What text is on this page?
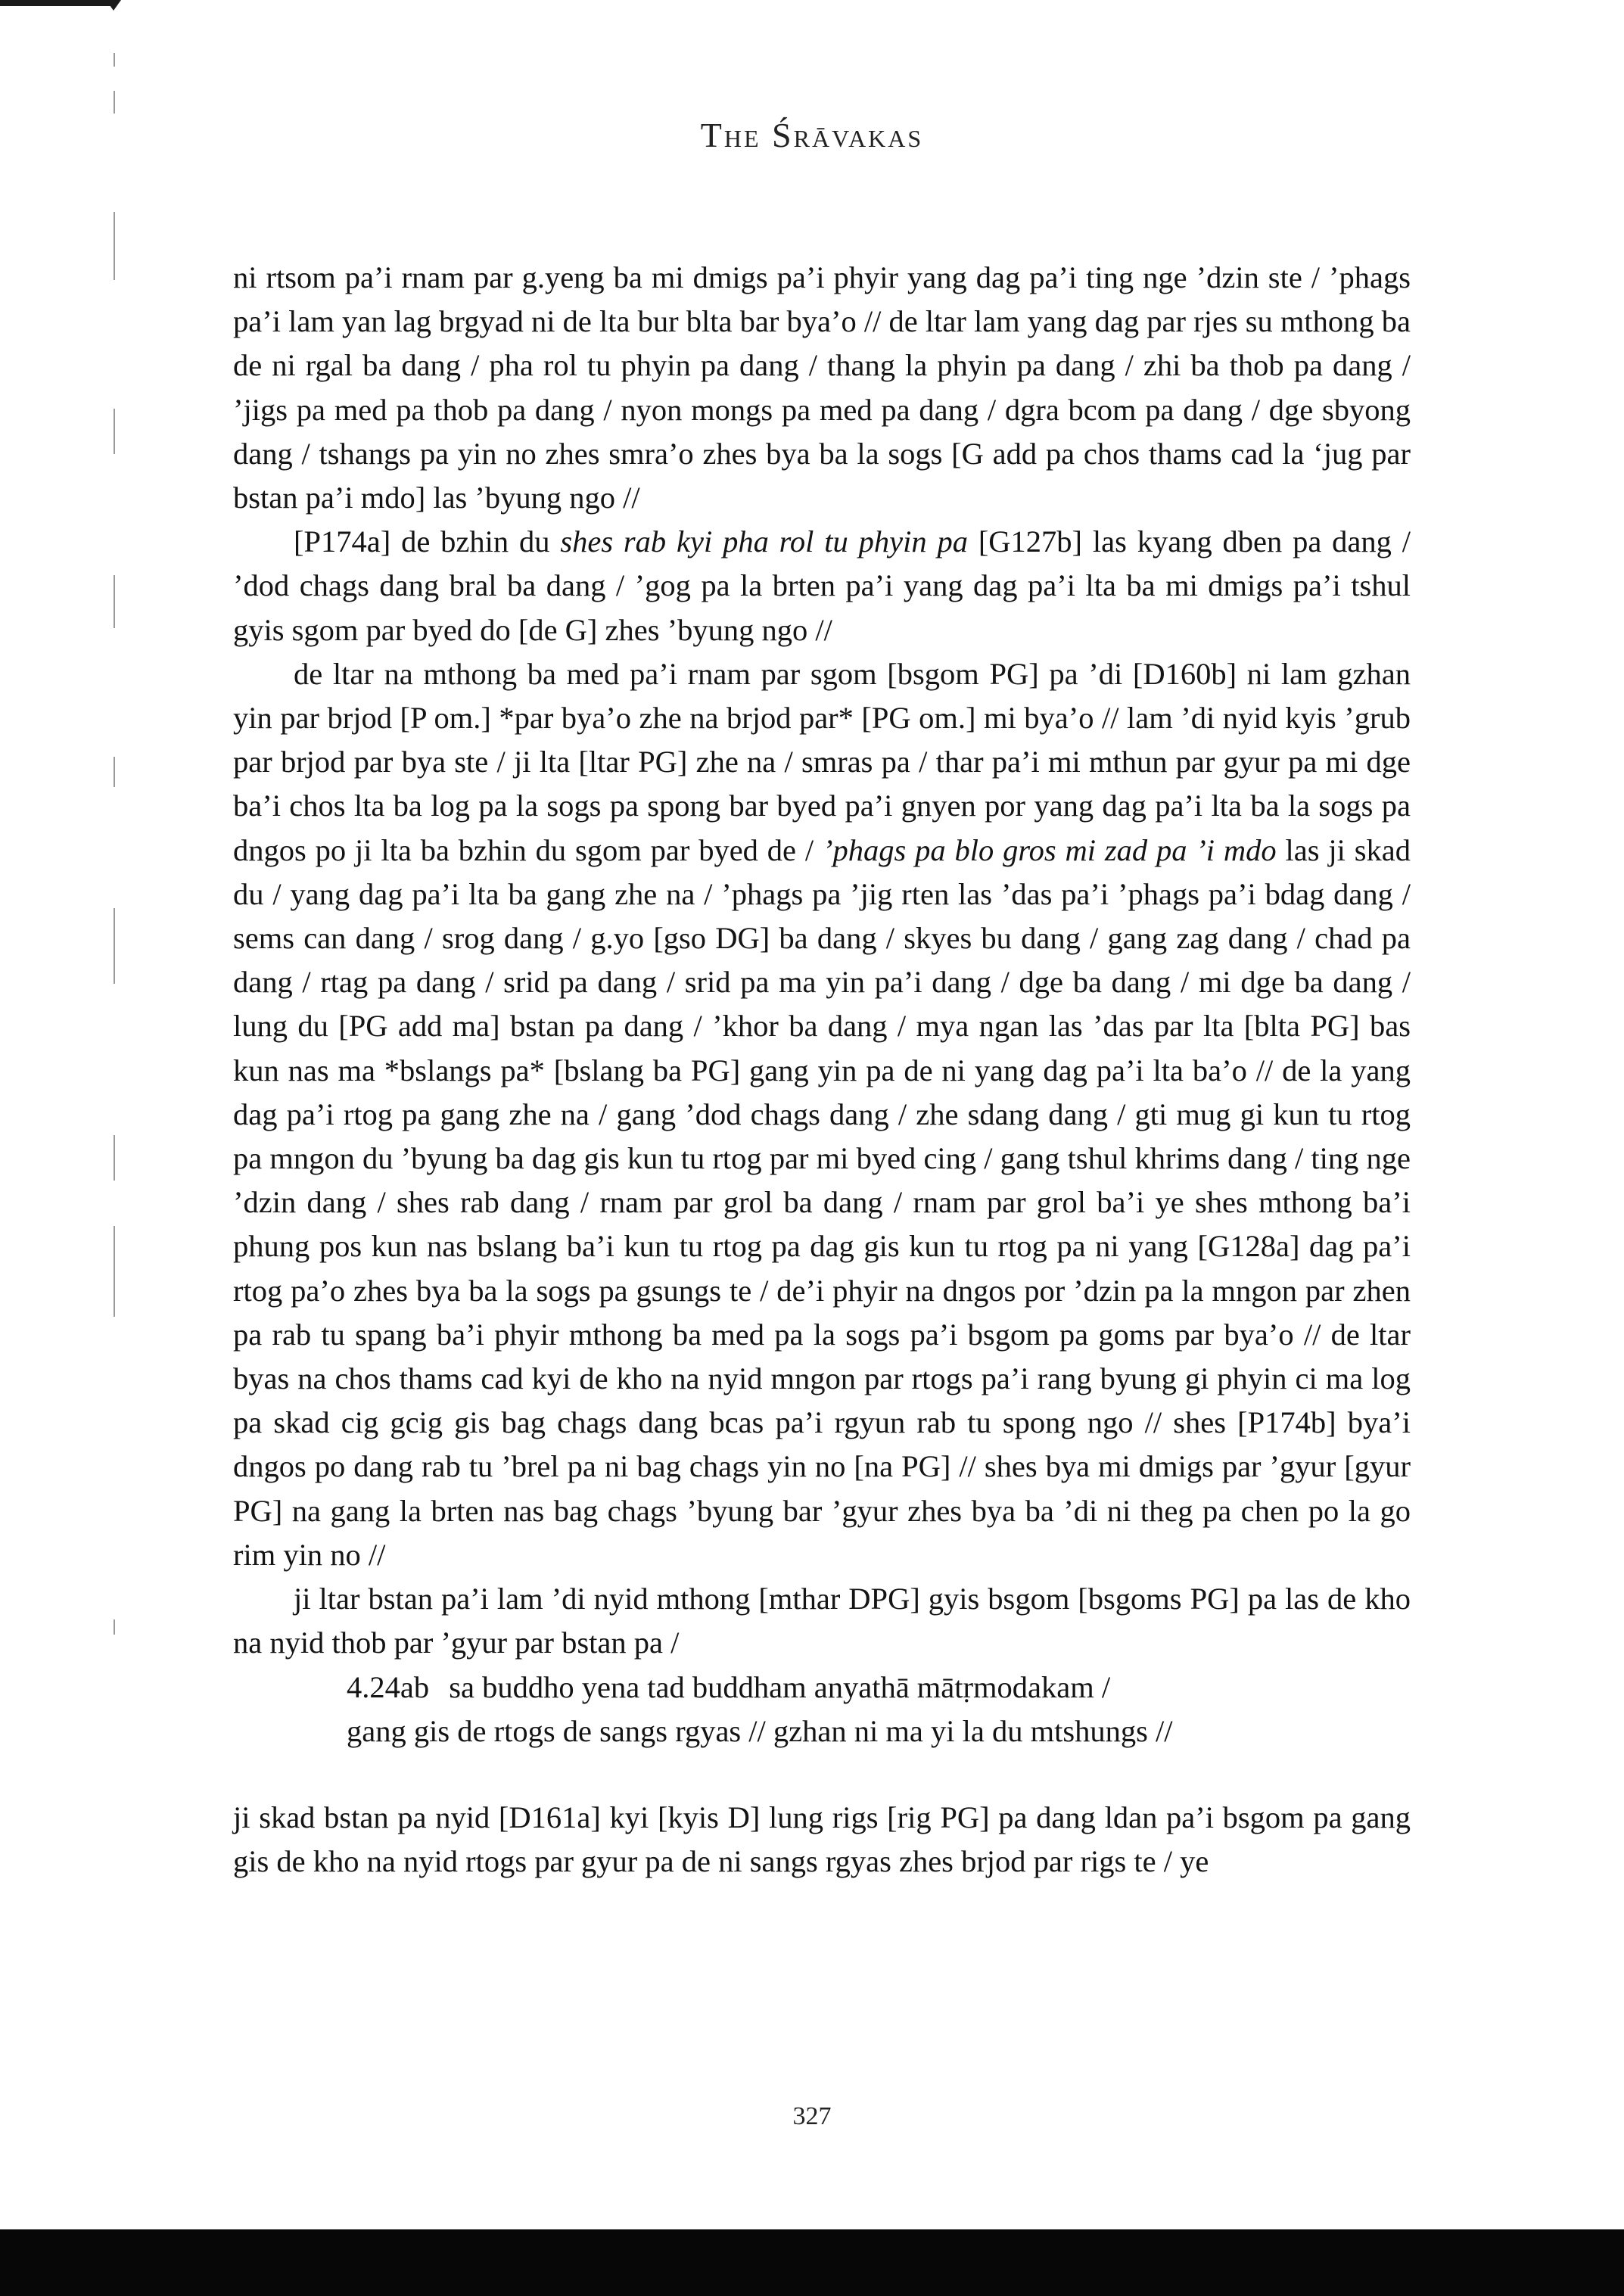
The Śrāvakas

ni rtsom pa’i rnam par g.yeng ba mi dmigs pa’i phyir yang dag pa’i ting nge ’dzin ste / ’phags pa’i lam yan lag brgyad ni de lta bur blta bar bya’o // de ltar lam yang dag par rjes su mthong ba de ni rgal ba dang / pha rol tu phyin pa dang / thang la phyin pa dang / zhi ba thob pa dang / ’jigs pa med pa thob pa dang / nyon mongs pa med pa dang / dgra bcom pa dang / dge sbyong dang / tshangs pa yin no zhes smra’o zhes bya ba la sogs [G add pa chos thams cad la ‘jug par bstan pa’i mdo] las ’byung ngo //

[P174a] de bzhin du shes rab kyi pha rol tu phyin pa [G127b] las kyang dben pa dang / ’dod chags dang bral ba dang / ’gog pa la brten pa’i yang dag pa’i lta ba mi dmigs pa’i tshul gyis sgom par byed do [de G] zhes ’byung ngo //

de ltar na mthong ba med pa’i rnam par sgom [bsgom PG] pa ’di [D160b] ni lam gzhan yin par brjod [P om.] *par bya’o zhe na brjod par* [PG om.] mi bya’o // lam ’di nyid kyis ’grub par brjod par bya ste / ji lta [ltar PG] zhe na / smras pa / thar pa’i mi mthun par gyur pa mi dge ba’i chos lta ba log pa la sogs pa spong bar byed pa’i gnyen por yang dag pa’i lta ba la sogs pa dngos po ji lta ba bzhin du sgom par byed de / ’phags pa blo gros mi zad pa ’i mdo las ji skad du / yang dag pa’i lta ba gang zhe na / ’phags pa ’jig rten las ’das pa’i ’phags pa’i bdag dang / sems can dang / srog dang / g.yo [gso DG] ba dang / skyes bu dang / gang zag dang / chad pa dang / rtag pa dang / srid pa dang / srid pa ma yin pa’i dang / dge ba dang / mi dge ba dang / lung du [PG add ma] bstan pa dang / ’khor ba dang / mya ngan las ’das par lta [blta PG] bas kun nas ma *bslangs pa* [bslang ba PG] gang yin pa de ni yang dag pa’i lta ba’o // de la yang dag pa’i rtog pa gang zhe na / gang ’dod chags dang / zhe sdang dang / gti mug gi kun tu rtog pa mngon du ’byung ba dag gis kun tu rtog par mi byed cing / gang tshul khrims dang / ting nge ’dzin dang / shes rab dang / rnam par grol ba dang / rnam par grol ba’i ye shes mthong ba’i phung pos kun nas bslang ba’i kun tu rtog pa dag gis kun tu rtog pa ni yang [G128a] dag pa’i rtog pa’o zhes bya ba la sogs pa gsungs te / de’i phyir na dngos por ’dzin pa la mngon par zhen pa rab tu spang ba’i phyir mthong ba med pa la sogs pa’i bsgom pa goms par bya’o // de ltar byas na chos thams cad kyi de kho na nyid mngon par rtogs pa’i rang byung gi phyin ci ma log pa skad cig gcig gis bag chags dang bcas pa’i rgyun rab tu spong ngo // shes [P174b] bya’i dngos po dang rab tu ’brel pa ni bag chags yin no [na PG] // shes bya mi dmigs par ’gyur [gyur PG] na gang la brten nas bag chags ’byung bar ’gyur zhes bya ba ’di ni theg pa chen po la go rim yin no //

ji ltar bstan pa’i lam ’di nyid mthong [mthar DPG] gyis bsgom [bsgoms PG] pa las de kho na nyid thob par ’gyur par bstan pa /

4.24ab sa buddho yena tad buddham anyathā mātṛmodakam /

gang gis de rtogs de sangs rgyas // gzhan ni ma yi la du mtshungs //

ji skad bstan pa nyid [D161a] kyi [kyis D] lung rigs [rig PG] pa dang ldan pa’i bsgom pa gang gis de kho na nyid rtogs par gyur pa de ni sangs rgyas zhes brjod par rigs te / ye

327
